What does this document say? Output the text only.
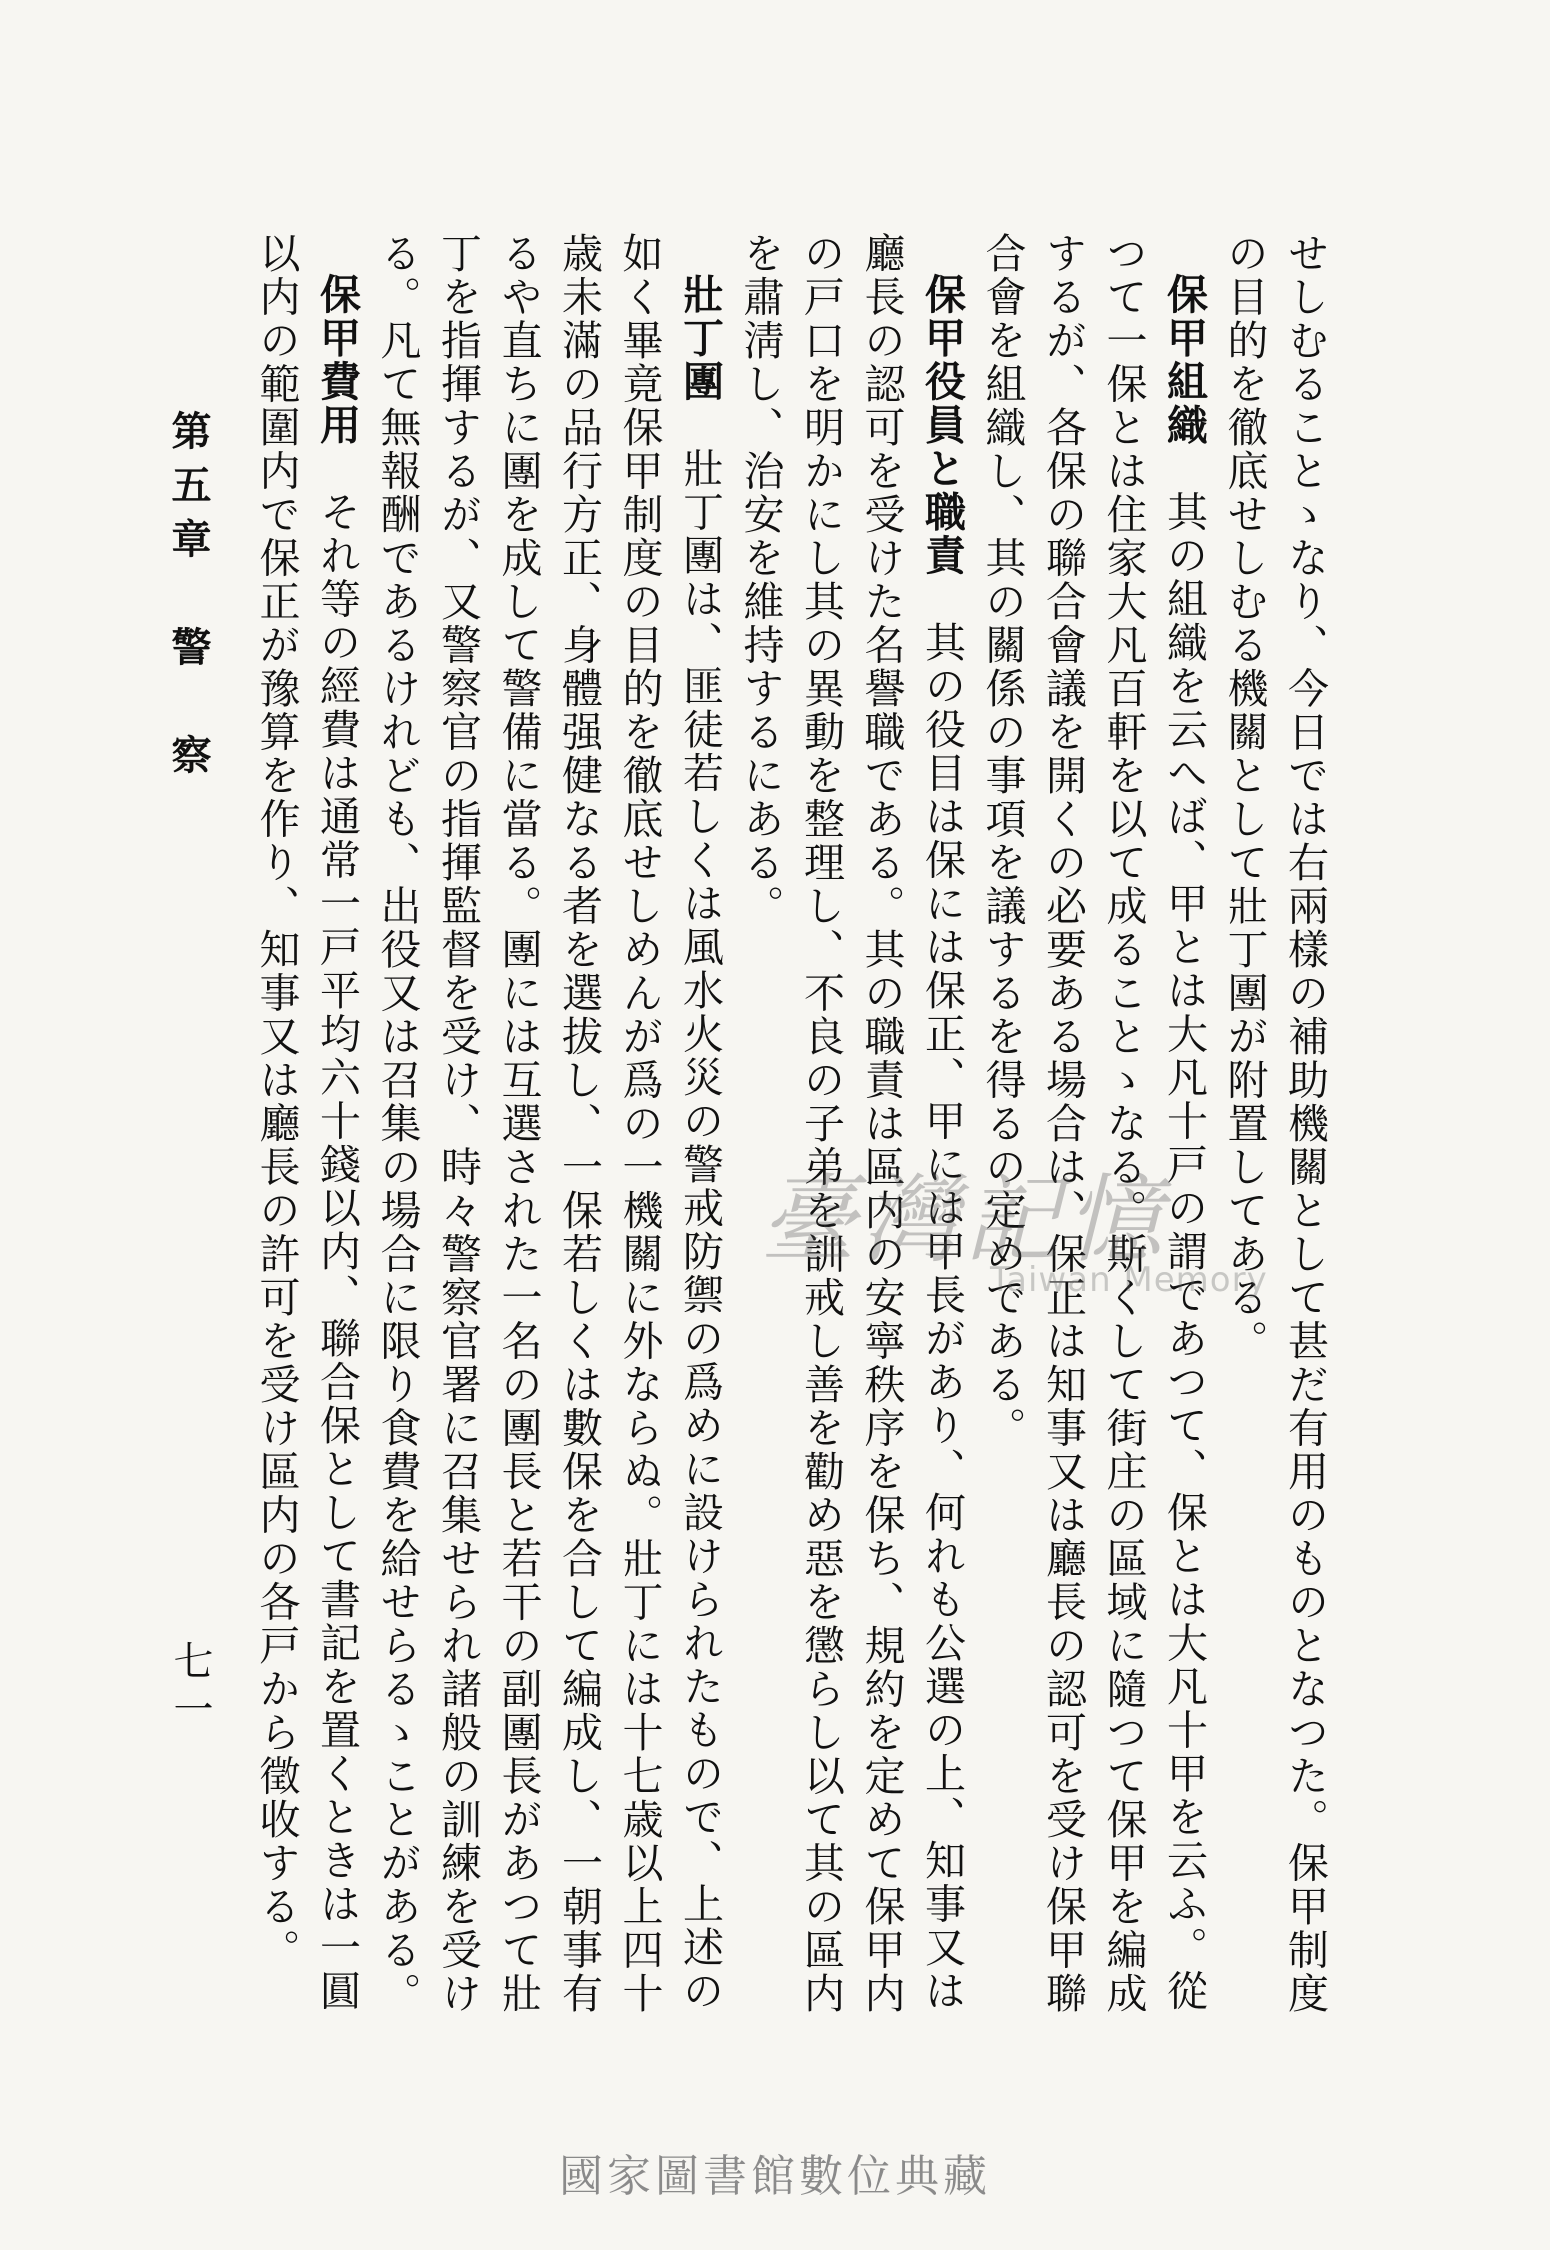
せしむることゝなり、今日では右兩樣の補助機關として甚だ有用のものとなつた。保甲制度の目的を徹底せしむる機關として壯丁團が附置してある。

保甲組織其の組織を云へば、甲とは大凡十戸の謂であつて、保とは大凡十甲を云ふ。從つて一保とは住家大凡百軒を以て成ることゝなる。斯くして街庄の區域に隨つて保甲を編成するが、各保の聯合會議を開くの必要ある場合は、保正は知事又は廳長の認可を受け保甲聯合會を組織し、其の關係の事項を議するを得るの定めである。

保甲役員と職責其の役目は保には保正、甲には甲長があり、何れも公選の上、知事又は廳長の認可を受けた名譽職である。其の職責は區内の安寧秩序を保ち、規約を定めて保甲内の戸口を明かにし其の異動を整理し、不良の子弟を訓戒し善を勸め惡を懲らし以て其の區内を肅淸し、治安を維持するにある。

壯丁團壯丁團は、匪徒若しくは風水火災の警戒防禦の爲めに設けられたもので、上述の如く畢竟保甲制度の目的を徹底せしめんが爲の一機關に外ならぬ。壯丁には十七歳以上四十歳未滿の品行方正、身體强健なる者を選拔し、一保若しくは數保を合して編成し、一朝事有るや直ちに團を成して警備に當る。團には互選された一名の團長と若干の副團長があつて壯丁を指揮するが、又警察官の指揮監督を受け、時々警察官署に召集せられ諸般の訓練を受ける。凡て無報酬であるけれども、出役又は召集の場合に限り食費を給せらるゝことがある。

保甲費用それ等の經費は通常一戸平均六十錢以内、聯合保として書記を置くときは一圓以内の範圍内で保正が豫算を作り、知事又は廳長の許可を受け區内の各戸から徵收する。

第五章　警　察
七一
臺灣記憶
Taiwan Memory
國家圖書館數位典藏
